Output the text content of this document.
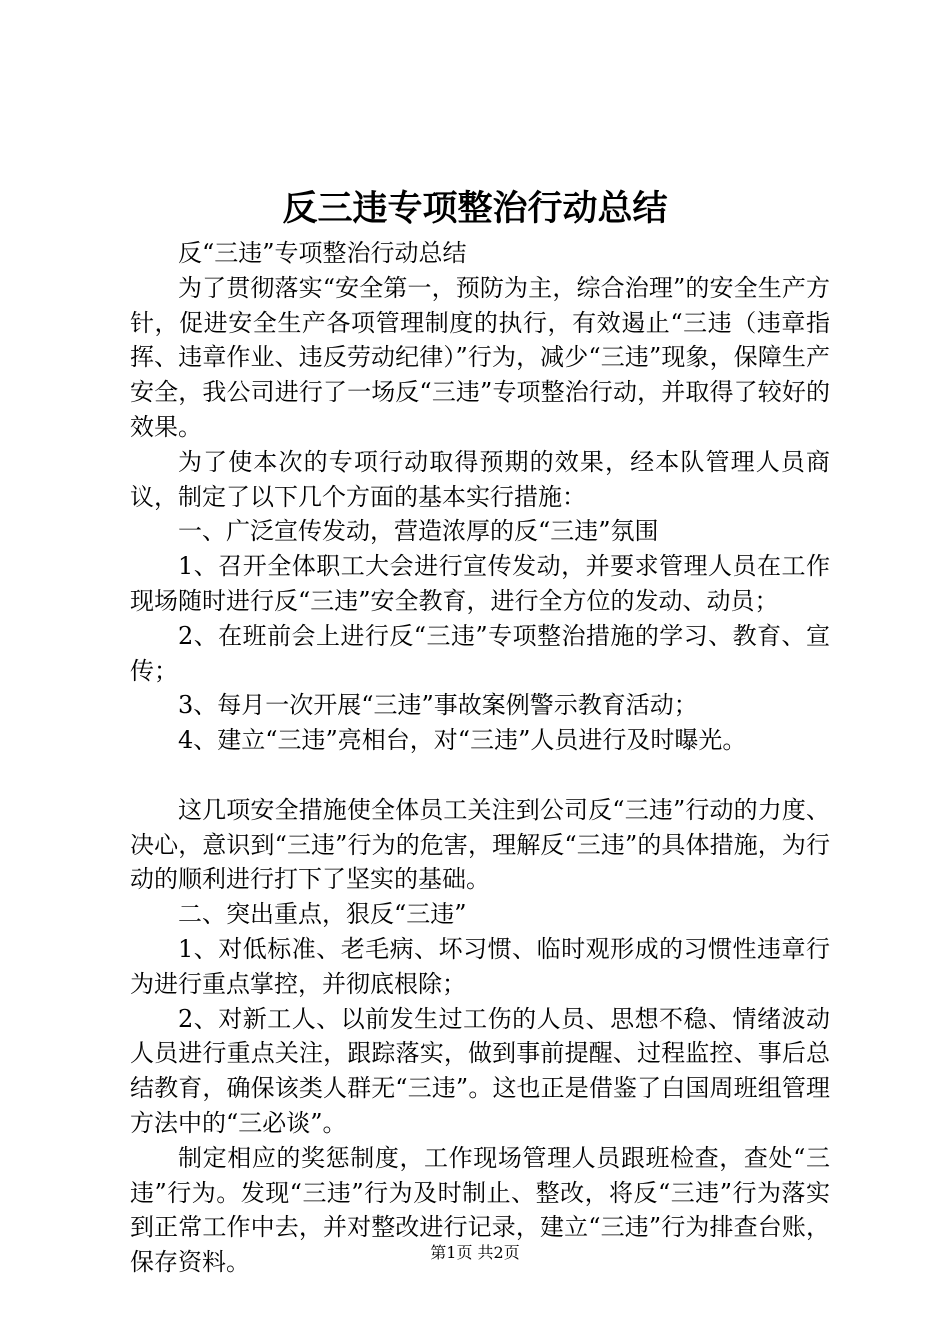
反三违专项整治行动总结

反“三违”专项整治行动总结

为了贯彻落实“安全第一，预防为主，综合治理”的安全生产方针，促进安全生产各项管理制度的执行，有效遏止“三违（违章指挥、违章作业、违反劳动纪律）”行为，减少“三违”现象，保障生产安全，我公司进行了一场反“三违”专项整治行动，并取得了较好的效果。

为了使本次的专项行动取得预期的效果，经本队管理人员商议，制定了以下几个方面的基本实行措施：

一、广泛宣传发动，营造浓厚的反“三违”氛围

1、召开全体职工大会进行宣传发动，并要求管理人员在工作现场随时进行反“三违”安全教育，进行全方位的发动、动员；

2、在班前会上进行反“三违”专项整治措施的学习、教育、宣传；

3、每月一次开展“三违”事故案例警示教育活动；

4、建立“三违”亮相台，对“三违”人员进行及时曝光。

这几项安全措施使全体员工关注到公司反“三违”行动的力度、决心，意识到“三违”行为的危害，理解反“三违”的具体措施，为行动的顺利进行打下了坚实的基础。

二、突出重点，狠反“三违”

1、对低标准、老毛病、坏习惯、临时观形成的习惯性违章行为进行重点掌控，并彻底根除；

2、对新工人、以前发生过工伤的人员、思想不稳、情绪波动人员进行重点关注，跟踪落实，做到事前提醒、过程监控、事后总结教育，确保该类人群无“三违”。这也正是借鉴了白国周班组管理方法中的“三必谈”。

制定相应的奖惩制度，工作现场管理人员跟班检查，查处“三违”行为。发现“三违”行为及时制止、整改，将反“三违”行为落实到正常工作中去，并对整改进行记录，建立“三违”行为排查台账，保存资料。	第1页 共2页
